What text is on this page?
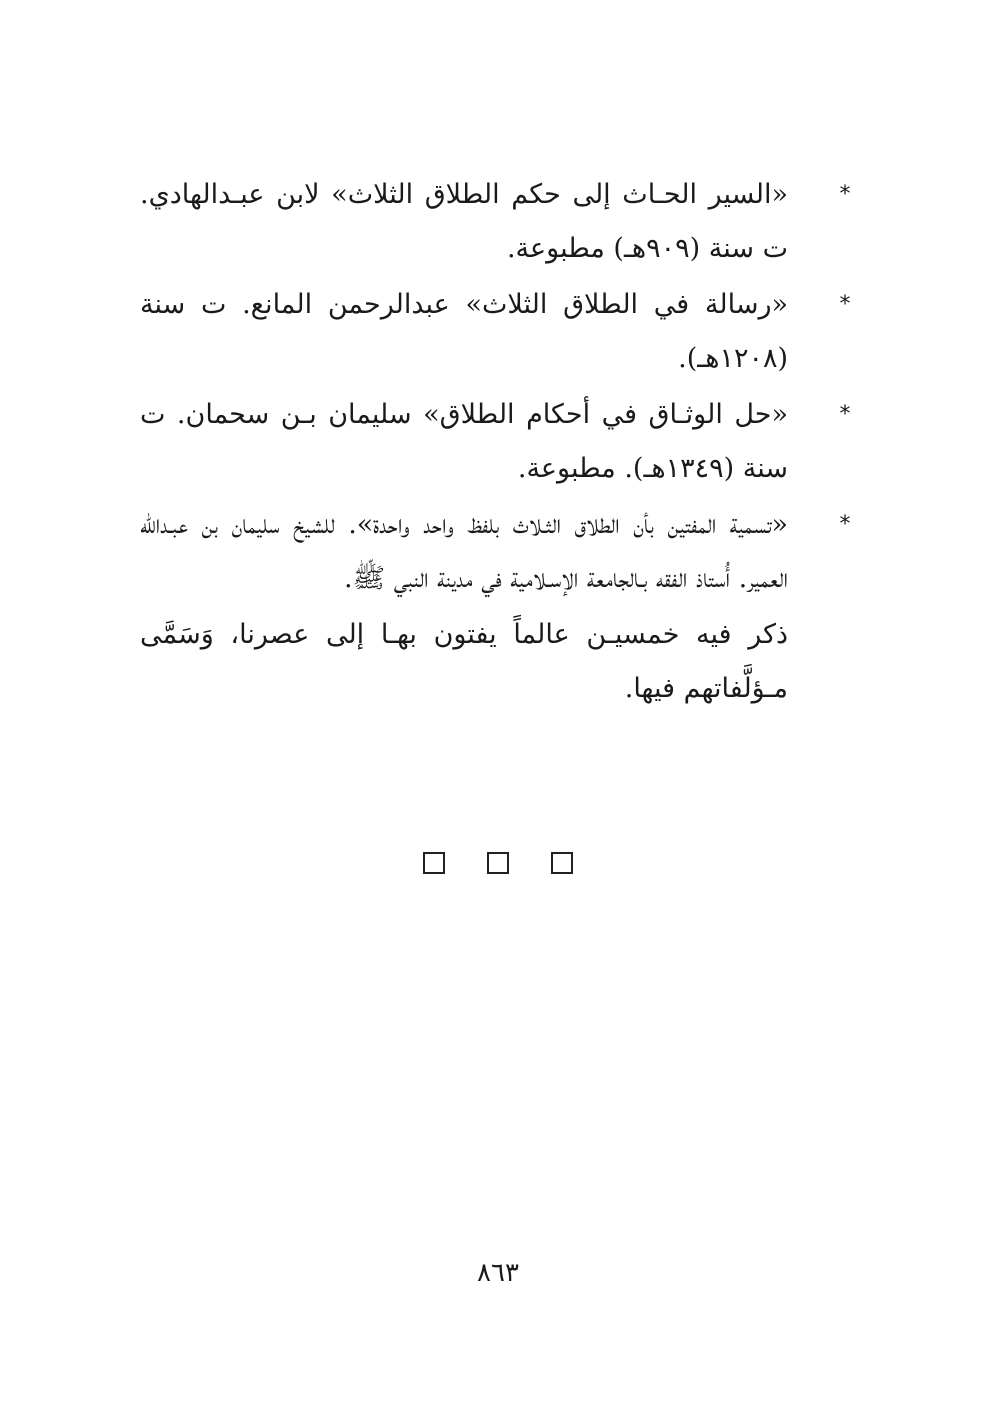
*
«السير الحـاث إلى حكم الطلاق الثلاث» لابن عبـدالهادي. ت سنة (٩٠٩هـ) مطبوعة.
*
«رسالة في الطلاق الثلاث» عبدالرحمن المانع. ت سنة (١٢٠٨هـ).
*
«حل الوثـاق في أحكام الطلاق» سليمان بـن سحمان. ت سنة (١٣٤٩هـ). مطبوعة.
*
«تسمية المفتين بأن الطلاق الثـلاث بلفظ واحد واحدة». للشيخ سليمان بن عبـدالله العمير. أُستاذ الفقه بـالجامعة الإسـلامية في مدينة النبي ﷺ.
ذكر فيه خمسيـن عالماً يفتون بهـا إلى عصرنا، وَسَمَّى مـؤلَّفاتهم فيها.
٨٦٣
